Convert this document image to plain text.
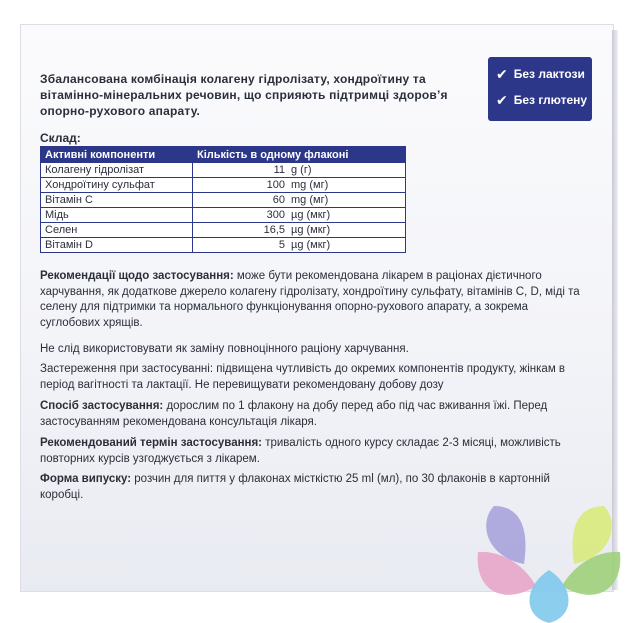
✔ Без лактози
✔ Без глютену
Збалансована комбінація колагену гідролізату, хондроїтину та вітамінно-мінеральних речовин, що сприяють підтримці здоров’я опорно-рухового апарату.
Склад:
Активні компоненти	Кількість в одному флаконі
Колагену гідролізат	11 g (г)

Хондроїтину сульфат	100 mg (мг)

Вітамін С	60 mg (мг)

Мідь	300 µg (мкг)

Селен	16,5 µg (мкг)

Вітамін D	5 µg (мкг)
Рекомендації щодо застосування: може бути рекомендована лікарем в раціонах дієтичного харчування, як додаткове джерело колагену гідролізату, хондроїтину сульфату, вітамінів С, D, міді та селену для підтримки та нормального функціонування опорно-рухового апарату, а зокрема суглобових хрящів.
Не слід використовувати як заміну повноцінного раціону харчування.
Застереження при застосуванні: підвищена чутливість до окремих компонентів продукту, жінкам в період вагітності та лактації. Не перевищувати рекомендовану добову дозу
Спосіб застосування: дорослим по 1 флакону на добу перед або під час вживання їжі. Перед застосуванням рекомендована консультація лікаря.
Рекомендований термін застосування: тривалість одного курсу складає 2-3 місяці, можливість повторних курсів узгоджується з лікарем.
Форма випуску: розчин для пиття у флаконах місткістю 25 ml (мл), по 30 флаконів в картонній коробці.
